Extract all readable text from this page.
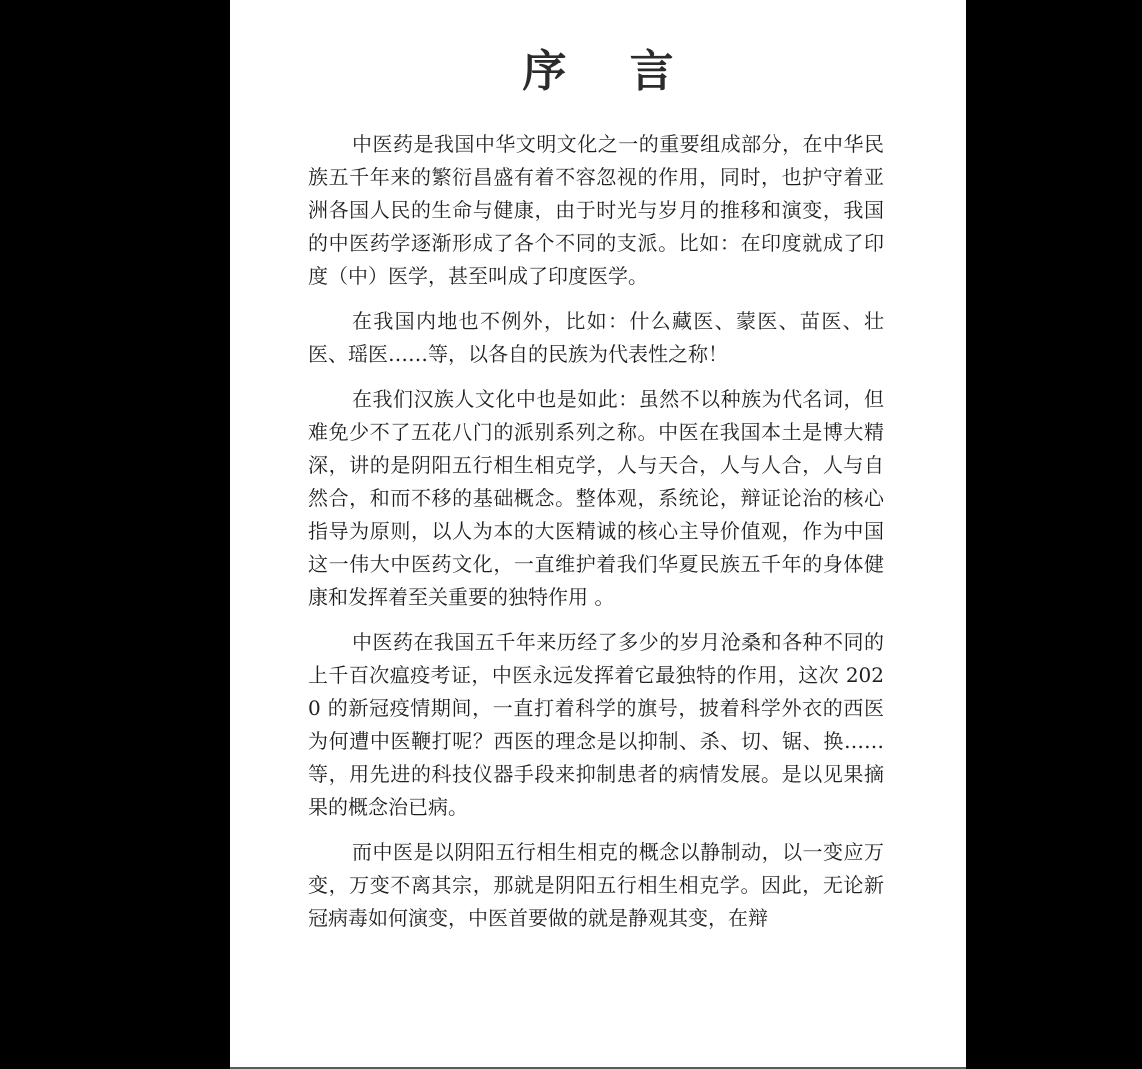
序 言

中医药是我国中华文明文化之一的重要组成部分，在中华民族五千年来的繁衍昌盛有着不容忽视的作用，同时，也护守着亚洲各国人民的生命与健康，由于时光与岁月的推移和演变，我国的中医药学逐渐形成了各个不同的支派。比如：在印度就成了印度（中）医学，甚至叫成了印度医学。

在我国内地也不例外，比如：什么藏医、蒙医、苗医、壮医、瑶医……等，以各自的民族为代表性之称！

在我们汉族人文化中也是如此：虽然不以种族为代名词，但难免少不了五花八门的派别系列之称。中医在我国本土是博大精深，讲的是阴阳五行相生相克学，人与天合，人与人合，人与自然合，和而不移的基础概念。整体观，系统论，辩证论治的核心指导为原则，以人为本的大医精诚的核心主导价值观，作为中国这一伟大中医药文化，一直维护着我们华夏民族五千年的身体健康和发挥着至关重要的独特作用 。

中医药在我国五千年来历经了多少的岁月沧桑和各种不同的上千百次瘟疫考证，中医永远发挥着它最独特的作用，这次 2020 的新冠疫情期间，一直打着科学的旗号，披着科学外衣的西医为何遭中医鞭打呢？西医的理念是以抑制、杀、切、锯、换……等，用先进的科技仪器手段来抑制患者的病情发展。是以见果摘果的概念治已病。

而中医是以阴阳五行相生相克的概念以静制动，以一变应万变，万变不离其宗，那就是阴阳五行相生相克学。因此，无论新冠病毒如何演变，中医首要做的就是静观其变，在辩
